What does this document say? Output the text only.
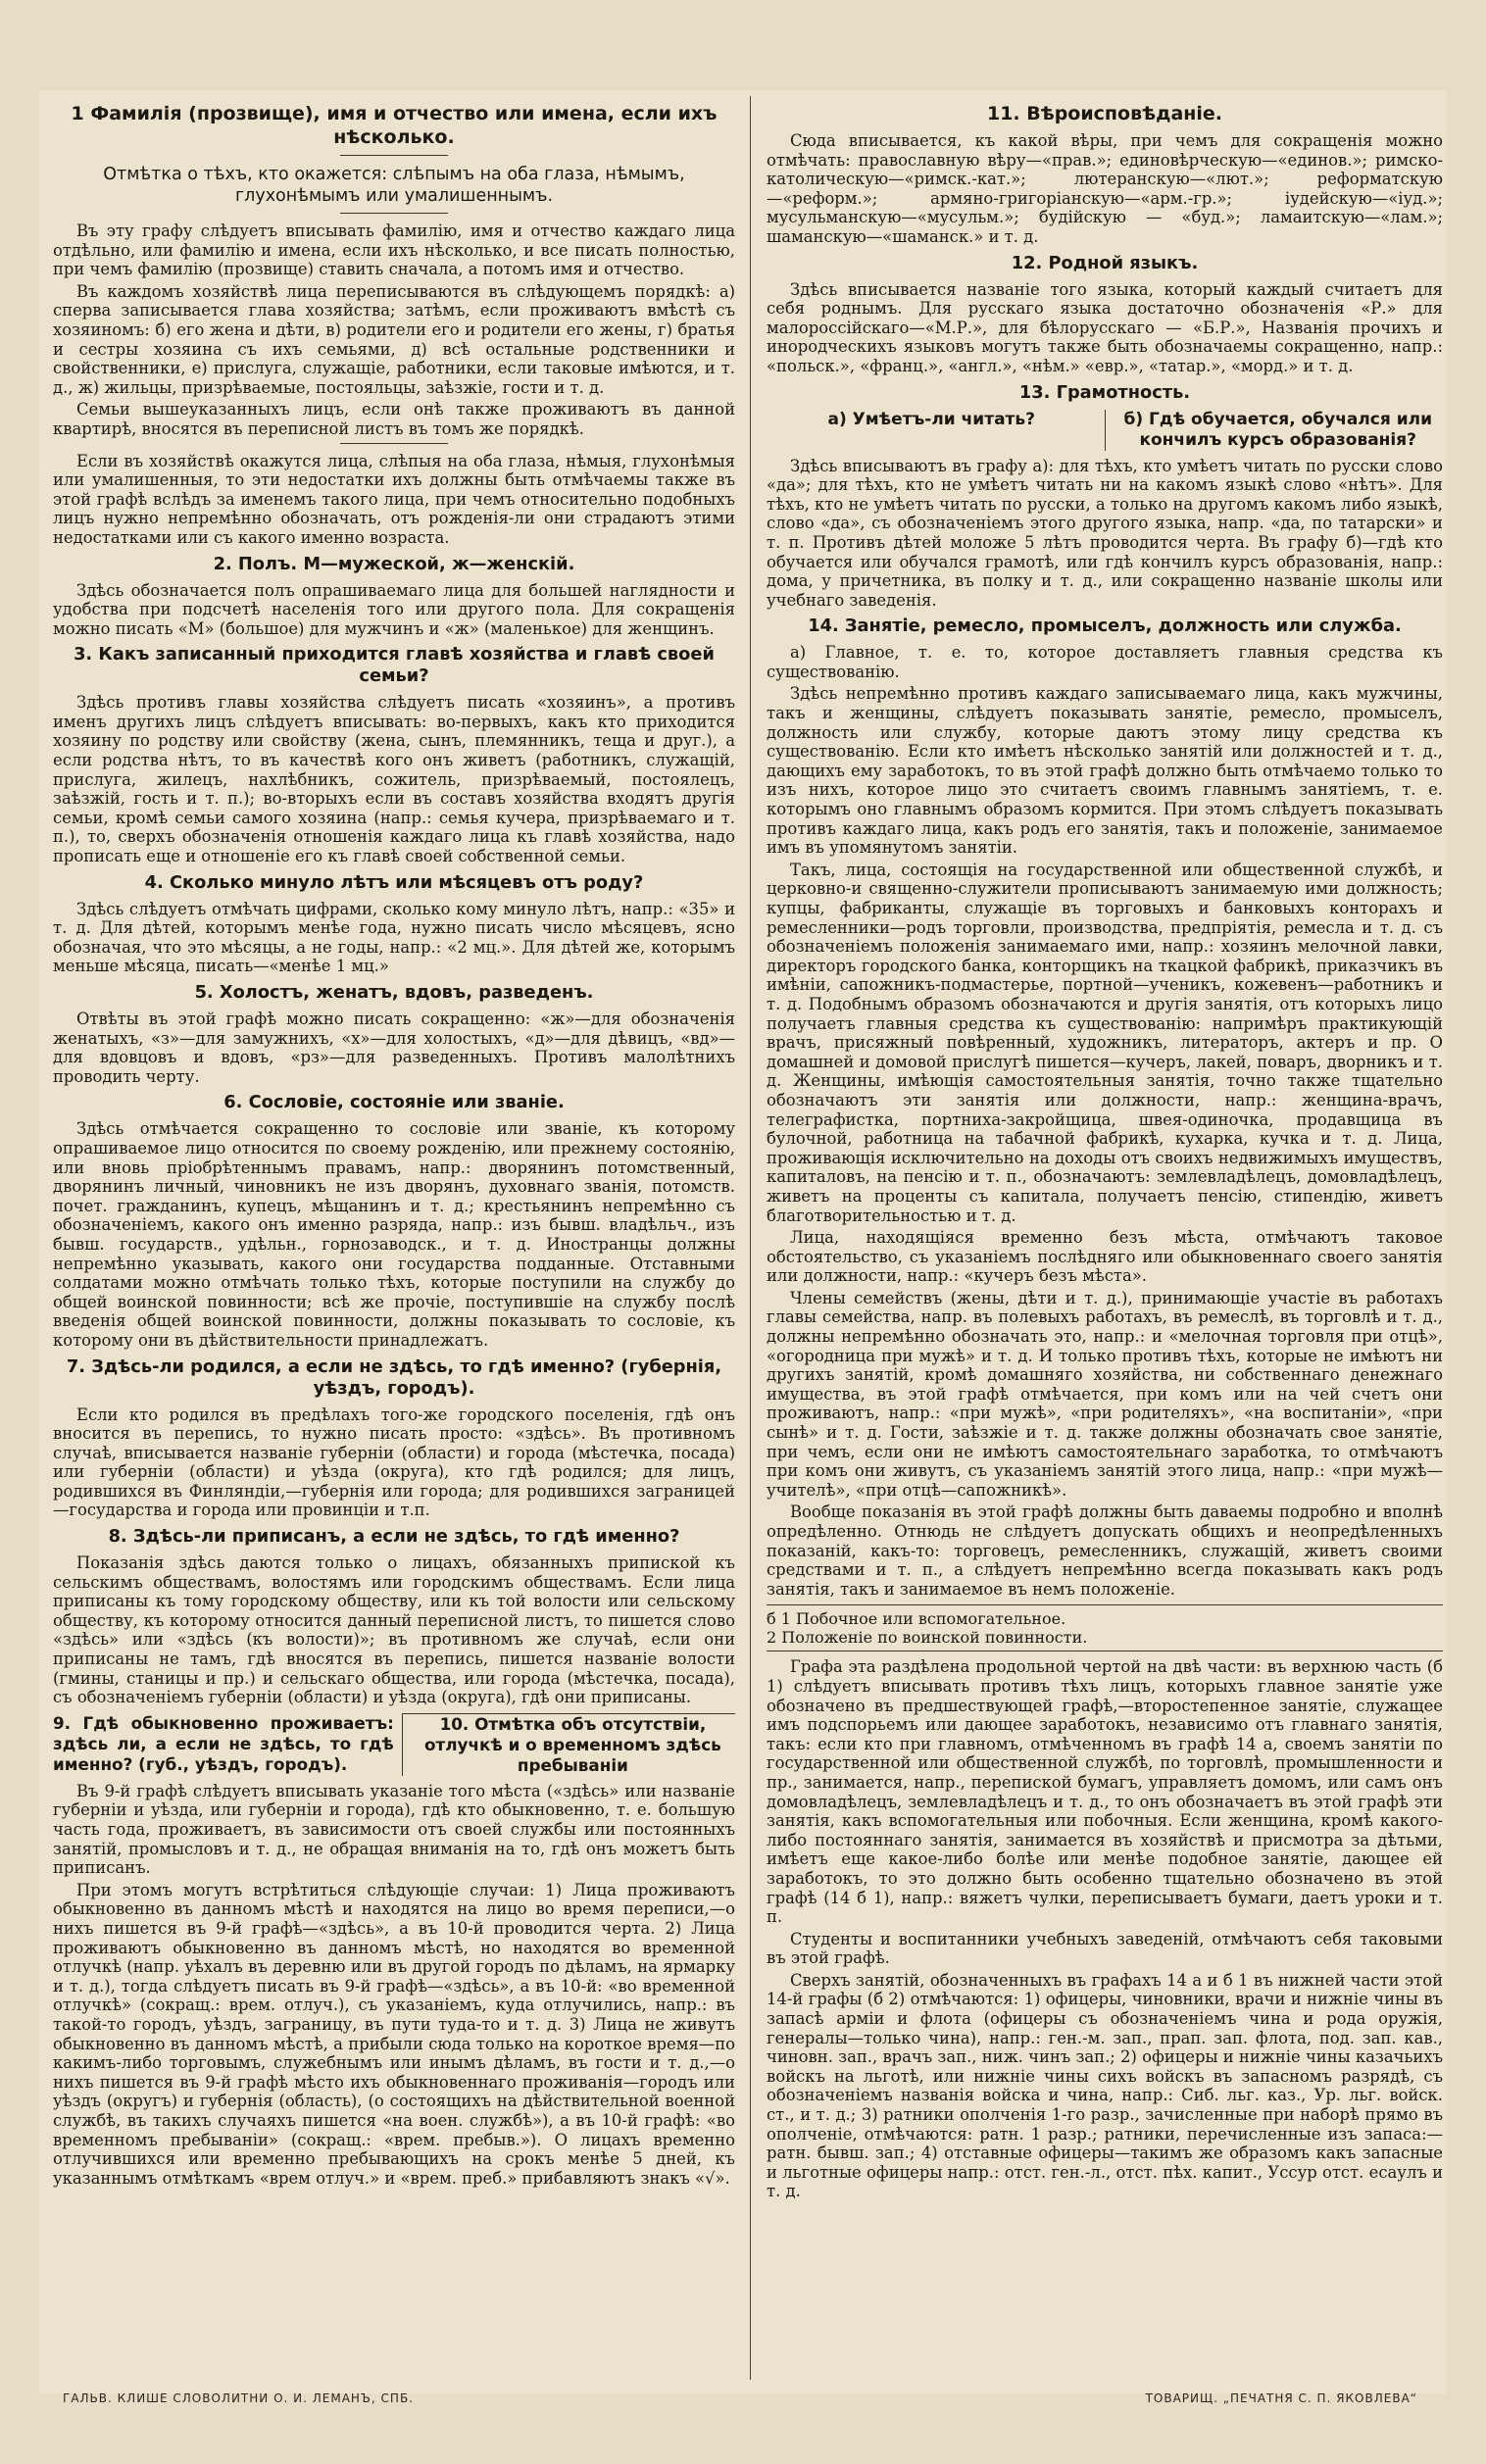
1 Фамилія (прозвище), имя и отчество или имена, если ихъ нѣсколько.
Отмѣтка о тѣхъ, кто окажется: слѣпымъ на оба глаза, нѣмымъ, глухонѣмымъ или умалишеннымъ.

Въ эту графу слѣдуетъ вписывать фамилію, имя и отчество каждаго лица отдѣльно, или фамилію и имена, если ихъ нѣсколько, и все писать полностью, при чемъ фамилію (прозвище) ставить сначала, а потомъ имя и отчество.

Въ каждомъ хозяйствѣ лица переписываются въ слѣдующемъ порядкѣ: а) сперва записывается глава хозяйства; затѣмъ, если проживаютъ вмѣстѣ съ хозяиномъ: б) его жена и дѣти, в) родители его и родители его жены, г) братья и сестры хозяина съ ихъ семьями, д) всѣ остальные родственники и свойственники, е) прислуга, служащіе, работники, если таковые имѣются, и т. д., ж) жильцы, призрѣваемые, постояльцы, заѣзжіе, гости и т. д.

Семьи вышеуказанныхъ лицъ, если онѣ также проживаютъ въ данной квартирѣ, вносятся въ переписной листъ въ томъ же порядкѣ.

Если въ хозяйствѣ окажутся лица, слѣпыя на оба глаза, нѣмыя, глухонѣмыя или умалишенныя, то эти недостатки ихъ должны быть отмѣчаемы также въ этой графѣ вслѣдъ за именемъ такого лица, при чемъ относительно подобныхъ лицъ нужно непремѣнно обозначать, отъ рожденія-ли они страдаютъ этими недостатками или съ какого именно возраста.

2. Полъ. М—мужеской, ж—женскій.

Здѣсь обозначается полъ опрашиваемаго лица для большей наглядности и удобства при подсчетѣ населенія того или другого пола. Для сокращенія можно писать «М» (большое) для мужчинъ и «ж» (маленькое) для женщинъ.

3. Какъ записанный приходится главѣ хозяйства и главѣ своей семьи?

Здѣсь противъ главы хозяйства слѣдуетъ писать «хозяинъ», а противъ именъ другихъ лицъ слѣдуетъ вписывать: во-первыхъ, какъ кто приходится хозяину по родству или свойству (жена, сынъ, племянникъ, теща и друг.), а если родства нѣтъ, то въ качествѣ кого онъ живетъ (работникъ, служащій, прислуга, жилецъ, нахлѣбникъ, сожитель, призрѣваемый, постоялецъ, заѣзжій, гость и т. п.); во-вторыхъ если въ составъ хозяйства входятъ другія семьи, кромѣ семьи самого хозяина (напр.: семья кучера, призрѣваемаго и т. п.), то, сверхъ обозначенія отношенія каждаго лица къ главѣ хозяйства, надо прописать еще и отношеніе его къ главѣ своей собственной семьи.

4. Сколько минуло лѣтъ или мѣсяцевъ отъ роду?

Здѣсь слѣдуетъ отмѣчать цифрами, сколько кому минуло лѣтъ, напр.: «35» и т. д. Для дѣтей, которымъ менѣе года, нужно писать число мѣсяцевъ, ясно обозначая, что это мѣсяцы, а не годы, напр.: «2 мц.». Для дѣтей же, которымъ меньше мѣсяца, писать—«менѣе 1 мц.»

5. Холостъ, женатъ, вдовъ, разведенъ.

Отвѣты въ этой графѣ можно писать сокращенно: «ж»—для обозначенія женатыхъ, «з»—для замужнихъ, «х»—для холостыхъ, «д»—для дѣвицъ, «вд»—для вдовцовъ и вдовъ, «рз»—для разведенныхъ. Противъ малолѣтнихъ проводить черту.

6. Сословіе, состояніе или званіе.

Здѣсь отмѣчается сокращенно то сословіе или званіе, къ которому опрашиваемое лицо относится по своему рожденію, или прежнему состоянію, или вновь пріобрѣтеннымъ правамъ, напр.: дворянинъ потомственный, дворянинъ личный, чиновникъ не изъ дворянъ, духовнаго званія, потомств. почет. гражданинъ, купецъ, мѣщанинъ и т. д.; крестьянинъ непремѣнно съ обозначеніемъ, какого онъ именно разряда, напр.: изъ бывш. владѣльч., изъ бывш. государств., удѣльн., горнозаводск., и т. д. Иностранцы должны непремѣнно указывать, какого они государства подданные. Отставными солдатами можно отмѣчать только тѣхъ, которые поступили на службу до общей воинской повинности; всѣ же прочіе, поступившіе на службу послѣ введенія общей воинской повинности, должны показывать то сословіе, къ которому они въ дѣйствительности принадлежатъ.

7. Здѣсь-ли родился, а если не здѣсь, то гдѣ именно? (губернія, уѣздъ, городъ).

Если кто родился въ предѣлахъ того-же городского поселенія, гдѣ онъ вносится въ перепись, то нужно писать просто: «здѣсь». Въ противномъ случаѣ, вписывается названіе губерніи (области) и города (мѣстечка, посада) или губерніи (области) и уѣзда (округа), кто гдѣ родился; для лицъ, родившихся въ Финляндіи,—губернія или города; для родившихся заграницей—государства и города или провинціи и т.п.

8. Здѣсь-ли приписанъ, а если не здѣсь, то гдѣ именно?

Показанія здѣсь даются только о лицахъ, обязанныхъ припиской къ сельскимъ обществамъ, волостямъ или городскимъ обществамъ. Если лица приписаны къ тому городскому обществу, или къ той волости или сельскому обществу, къ которому относится данный переписной листъ, то пишется слово «здѣсь» или «здѣсь (къ волости)»; въ противномъ же случаѣ, если они приписаны не тамъ, гдѣ вносятся въ перепись, пишется названіе волости (гмины, станицы и пр.) и сельскаго общества, или города (мѣстечка, посада), съ обозначеніемъ губерніи (области) и уѣзда (округа), гдѣ они приписаны.

9. Гдѣ обыкновенно проживаетъ: здѣсь ли, а если не здѣсь, то гдѣ именно? (губ., уѣздъ, городъ).
10. Отмѣтка объ отсутствіи, отлучкѣ и о временномъ здѣсь пребываніи

Въ 9-й графѣ слѣдуетъ вписывать указаніе того мѣста («здѣсь» или названіе губерніи и уѣзда, или губерніи и города), гдѣ кто обыкновенно, т. е. большую часть года, проживаетъ, въ зависимости отъ своей службы или постоянныхъ занятій, промысловъ и т. д., не обращая вниманія на то, гдѣ онъ можетъ быть приписанъ.

При этомъ могутъ встрѣтиться слѣдующіе случаи: 1) Лица проживаютъ обыкновенно въ данномъ мѣстѣ и находятся на лицо во время переписи,—о нихъ пишется въ 9-й графѣ—«здѣсь», а въ 10-й проводится черта. 2) Лица проживаютъ обыкновенно въ данномъ мѣстѣ, но находятся во временной отлучкѣ (напр. уѣхалъ въ деревню или въ другой городъ по дѣламъ, на ярмарку и т. д.), тогда слѣдуетъ писать въ 9-й графѣ—«здѣсь», а въ 10-й: «во временной отлучкѣ» (сокращ.: врем. отлуч.), съ указаніемъ, куда отлучились, напр.: въ такой-то городъ, уѣздъ, заграницу, въ пути туда-то и т. д. 3) Лица не живутъ обыкновенно въ данномъ мѣстѣ, а прибыли сюда только на короткое время—по какимъ-либо торговымъ, служебнымъ или инымъ дѣламъ, въ гости и т. д.,—о нихъ пишется въ 9-й графѣ мѣсто ихъ обыкновеннаго проживанія—городъ или уѣздъ (округъ) и губернія (область), (о состоящихъ на дѣйствительной военной службѣ, въ такихъ случаяхъ пишется «на воен. службѣ»), а въ 10-й графѣ: «во временномъ пребываніи» (сокращ.: «врем. пребыв.»). О лицахъ временно отлучившихся или временно пребывающихъ на срокъ менѣе 5 дней, къ указаннымъ отмѣткамъ «врем отлуч.» и «врем. преб.» прибавляютъ знакъ «√».

11. Вѣроисповѣданіе.

Сюда вписывается, къ какой вѣры, при чемъ для сокращенія можно отмѣчать: православную вѣру—«прав.»; единовѣрческую—«единов.»; римско-католическую—«римск.-кат.»; лютеранскую—«лют.»; реформатскую—«реформ.»; армяно-григоріанскую—«арм.-гр.»; іудейскую—«іуд.»; мусульманскую—«мусульм.»; будійскую — «буд.»; ламаитскую—«лам.»; шаманскую—«шаманск.» и т. д.

12. Родной языкъ.

Здѣсь вписывается названіе того языка, который каждый считаетъ для себя роднымъ. Для русскаго языка достаточно обозначенія «Р.» для малороссійскаго—«М.Р.», для бѣлорусскаго — «Б.Р.», Названія прочихъ и инородческихъ языковъ могутъ также быть обозначаемы сокращенно, напр.: «польск.», «франц.», «англ.», «нѣм.» «евр.», «татар.», «морд.» и т. д.

13. Грамотность.
а) Умѣетъ-ли читать?	б) Гдѣ обучается, обучался или кончилъ курсъ образованія?

Здѣсь вписываютъ въ графу а): для тѣхъ, кто умѣетъ читать по русски слово «да»; для тѣхъ, кто не умѣетъ читать ни на какомъ языкѣ слово «нѣтъ». Для тѣхъ, кто не умѣетъ читать по русски, а только на другомъ какомъ либо языкѣ, слово «да», съ обозначеніемъ этого другого языка, напр. «да, по татарски» и т. п. Противъ дѣтей моложе 5 лѣтъ проводится черта. Въ графу б)—гдѣ кто обучается или обучался грамотѣ, или гдѣ кончилъ курсъ образованія, напр.: дома, у причетника, въ полку и т. д., или сокращенно названіе школы или учебнаго заведенія.

14. Занятіе, ремесло, промыселъ, должность или служба.

а) Главное, т. е. то, которое доставляетъ главныя средства къ существованію.

Здѣсь непремѣнно противъ каждаго записываемаго лица, какъ мужчины, такъ и женщины, слѣдуетъ показывать занятіе, ремесло, промыселъ, должность или службу, которые даютъ этому лицу средства къ существованію. Если кто имѣетъ нѣсколько занятій или должностей и т. д., дающихъ ему заработокъ, то въ этой графѣ должно быть отмѣчаемо только то изъ нихъ, которое лицо это считаетъ своимъ главнымъ занятіемъ, т. е. которымъ оно главнымъ образомъ кормится. При этомъ слѣдуетъ показывать противъ каждаго лица, какъ родъ его занятія, такъ и положеніе, занимаемое имъ въ упомянутомъ занятіи.

Такъ, лица, состоящія на государственной или общественной службѣ, и церковно-и священно-служители прописываютъ занимаемую ими должность; купцы, фабриканты, служащіе въ торговыхъ и банковыхъ конторахъ и ремесленники—родъ торговли, производства, предпріятія, ремесла и т. д. съ обозначеніемъ положенія занимаемаго ими, напр.: хозяинъ мелочной лавки, директоръ городского банка, конторщикъ на ткацкой фабрикѣ, приказчикъ въ имѣніи, сапожникъ-подмастерье, портной—ученикъ, кожевенъ—работникъ и т. д. Подобнымъ образомъ обозначаются и другія занятія, отъ которыхъ лицо получаетъ главныя средства къ существованію: напримѣръ практикующій врачъ, присяжный повѣренный, художникъ, литераторъ, актеръ и пр. О домашней и домовой прислугѣ пишется—кучеръ, лакей, поваръ, дворникъ и т. д. Женщины, имѣющія самостоятельныя занятія, точно также тщательно обозначаютъ эти занятія или должности, напр.: женщина-врачъ, телеграфистка, портниха-закройщица, швея-одиночка, продавщица въ булочной, работница на табачной фабрикѣ, кухарка, кучка и т. д. Лица, проживающія исключительно на доходы отъ своихъ недвижимыхъ имуществъ, капиталовъ, на пенсію и т. п., обозначаютъ: землевладѣлецъ, домовладѣлецъ, живетъ на проценты съ капитала, получаетъ пенсію, стипендію, живетъ благотворительностью и т. д.

Лица, находящіяся временно безъ мѣста, отмѣчаютъ таковое обстоятельство, съ указаніемъ послѣдняго или обыкновеннаго своего занятія или должности, напр.: «кучеръ безъ мѣста».

Члены семействъ (жены, дѣти и т. д.), принимающіе участіе въ работахъ главы семейства, напр. въ полевыхъ работахъ, въ ремеслѣ, въ торговлѣ и т. д., должны непремѣнно обозначать это, напр.: и «мелочная торговля при отцѣ», «огородница при мужѣ» и т. д. И только противъ тѣхъ, которые не имѣютъ ни другихъ занятій, кромѣ домашняго хозяйства, ни собственнаго денежнаго имущества, въ этой графѣ отмѣчается, при комъ или на чей счетъ они проживаютъ, напр.: «при мужѣ», «при родителяхъ», «на воспитаніи», «при сынѣ» и т. д. Гости, заѣзжіе и т. д. также должны обозначать свое занятіе, при чемъ, если они не имѣютъ самостоятельнаго заработка, то отмѣчаютъ при комъ они живутъ, съ указаніемъ занятій этого лица, напр.: «при мужѣ—учителѣ», «при отцѣ—сапожникѣ».

Вообще показанія въ этой графѣ должны быть даваемы подробно и вполнѣ опредѣленно. Отнюдь не слѣдуетъ допускать общихъ и неопредѣленныхъ показаній, какъ-то: торговецъ, ремесленникъ, служащій, живетъ своими средствами и т. п., а слѣдуетъ непремѣнно всегда показывать какъ родъ занятія, такъ и занимаемое въ немъ положеніе.

б 1 Побочное или вспомогательное.
2 Положеніе по воинской повинности.

Графа эта раздѣлена продольной чертой на двѣ части: въ верхнюю часть (б 1) слѣдуетъ вписывать противъ тѣхъ лицъ, которыхъ главное занятіе уже обозначено въ предшествующей графѣ,—второстепенное занятіе, служащее имъ подспорьемъ или дающее заработокъ, независимо отъ главнаго занятія, такъ: если кто при главномъ, отмѣченномъ въ графѣ 14 а, своемъ занятіи по государственной или общественной службѣ, по торговлѣ, промышленности и пр., занимается, напр., перепиской бумагъ, управляетъ домомъ, или самъ онъ домовладѣлецъ, землевладѣлецъ и т. д., то онъ обозначаетъ въ этой графѣ эти занятія, какъ вспомогательныя или побочныя. Если женщина, кромѣ какого-либо постояннаго занятія, занимается въ хозяйствѣ и присмотра за дѣтьми, имѣетъ еще какое-либо болѣе или менѣе подобное занятіе, дающее ей заработокъ, то это должно быть особенно тщательно обозначено въ этой графѣ (14 б 1), напр.: вяжетъ чулки, переписываетъ бумаги, даетъ уроки и т. п.

Студенты и воспитанники учебныхъ заведеній, отмѣчаютъ себя таковыми въ этой графѣ.

Сверхъ занятій, обозначенныхъ въ графахъ 14 а и б 1 въ нижней части этой 14-й графы (б 2) отмѣчаются: 1) офицеры, чиновники, врачи и нижніе чины въ запасѣ арміи и флота (офицеры съ обозначеніемъ чина и рода оружія, генералы—только чина), напр.: ген.-м. зап., прап. зап. флота, под. зап. кав., чиновн. зап., врачъ зап., ниж. чинъ зап.; 2) офицеры и нижніе чины казачьихъ войскъ на льготѣ, или нижніе чины сихъ войскъ въ запасномъ разрядѣ, съ обозначеніемъ названія войска и чина, напр.: Сиб. льг. каз., Ур. льг. войск. ст., и т. д.; 3) ратники ополченія 1-го разр., зачисленные при наборѣ прямо въ ополченіе, отмѣчаются: ратн. 1 разр.; ратники, перечисленные изъ запаса:—ратн. бывш. зап.; 4) отставные офицеры—такимъ же образомъ какъ запасные и льготные офицеры напр.: отст. ген.-л., отст. пѣх. капит., Уссур отст. есаулъ и т. д.

ГАЛЬВ. КЛИШЕ СЛОВОЛИТНИ О. И. ЛЕМАНЪ, СПБ.	ТОВАРИЩ. „ПЕЧАТНЯ С. П. ЯКОВЛЕВА“
